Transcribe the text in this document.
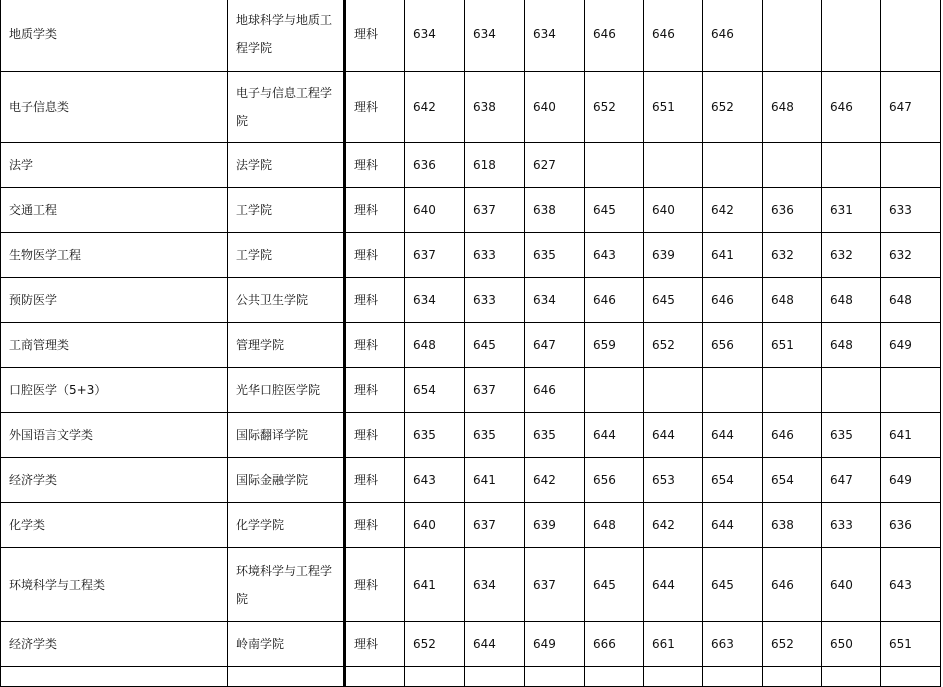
地质学类	地球科学与地质工程学院	理科	634	634	634	646	646	646			
电子信息类	电子与信息工程学院	理科	642	638	640	652	651	652	648	646	647
法学	法学院	理科	636	618	627						
交通工程	工学院	理科	640	637	638	645	640	642	636	631	633
生物医学工程	工学院	理科	637	633	635	643	639	641	632	632	632
预防医学	公共卫生学院	理科	634	633	634	646	645	646	648	648	648
工商管理类	管理学院	理科	648	645	647	659	652	656	651	648	649
口腔医学（5+3）	光华口腔医学院	理科	654	637	646						
外国语言文学类	国际翻译学院	理科	635	635	635	644	644	644	646	635	641
经济学类	国际金融学院	理科	643	641	642	656	653	654	654	647	649
化学类	化学学院	理科	640	637	639	648	642	644	638	633	636
环境科学与工程类	环境科学与工程学院	理科	641	634	637	645	644	645	646	640	643
经济学类	岭南学院	理科	652	644	649	666	661	663	652	650	651
